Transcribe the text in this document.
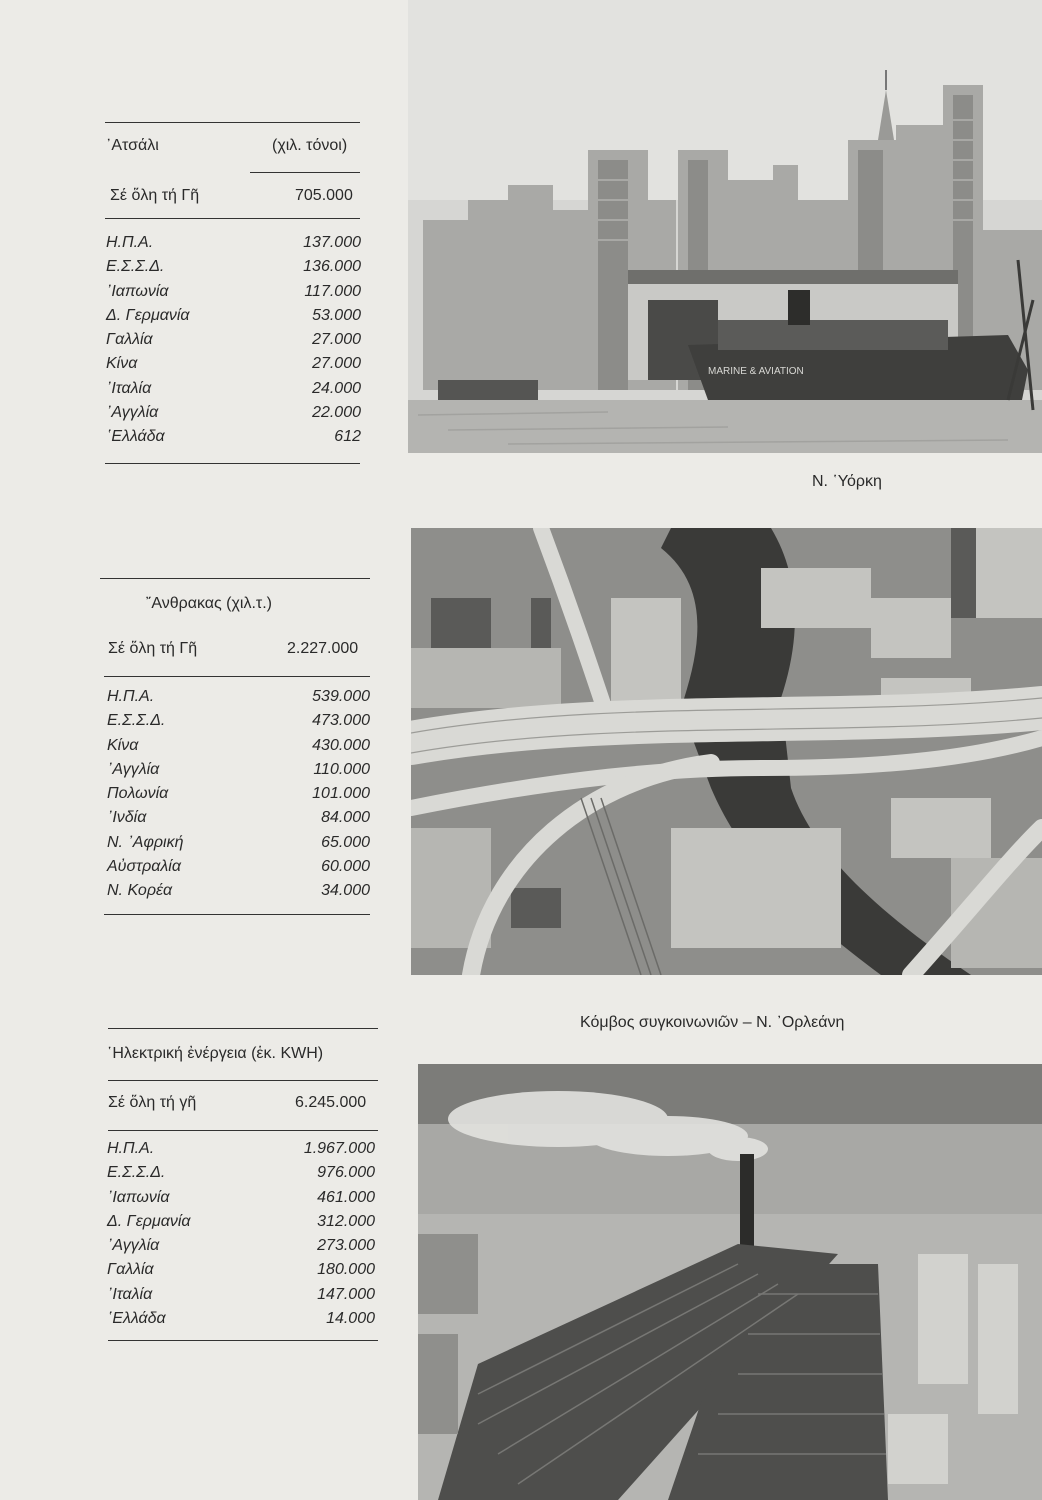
᾿Ατσάλι	(χιλ. τόνοι)
Σέ ὅλη τή Γῆ	705.000
Η.Π.Α.	137.000
Ε.Σ.Σ.Δ.	136.000
᾿Ιαπωνία	117.000
Δ. Γερμανία	53.000
Γαλλία	27.000
Κίνα	27.000
᾿Ιταλία	24.000
᾿Αγγλία	22.000
῾Ελλάδα	612
῎Ανθρακας (χιλ.τ.)
Σέ ὅλη τή Γῆ	2.227.000
Η.Π.Α.	539.000
Ε.Σ.Σ.Δ.	473.000
Κίνα	430.000
᾿Αγγλία	110.000
Πολωνία	101.000
᾿Ινδία	84.000
Ν. ᾿Αφρική	65.000
Αὐστραλία	60.000
Ν. Κορέα	34.000
῾Ηλεκτρική ἐνέργεια (ἑκ. KWH)
Σέ ὅλη τή γῆ	6.245.000
Η.Π.Α.	1.967.000
Ε.Σ.Σ.Δ.	976.000
᾿Ιαπωνία	461.000
Δ. Γερμανία	312.000
᾿Αγγλία	273.000
Γαλλία	180.000
᾿Ιταλία	147.000
῾Ελλάδα	14.000
MARINE & AVIATION
Ν. ῾Υόρκη
Κόμβος συγκοινωνιῶν – Ν. ᾿Ορλεάνη
